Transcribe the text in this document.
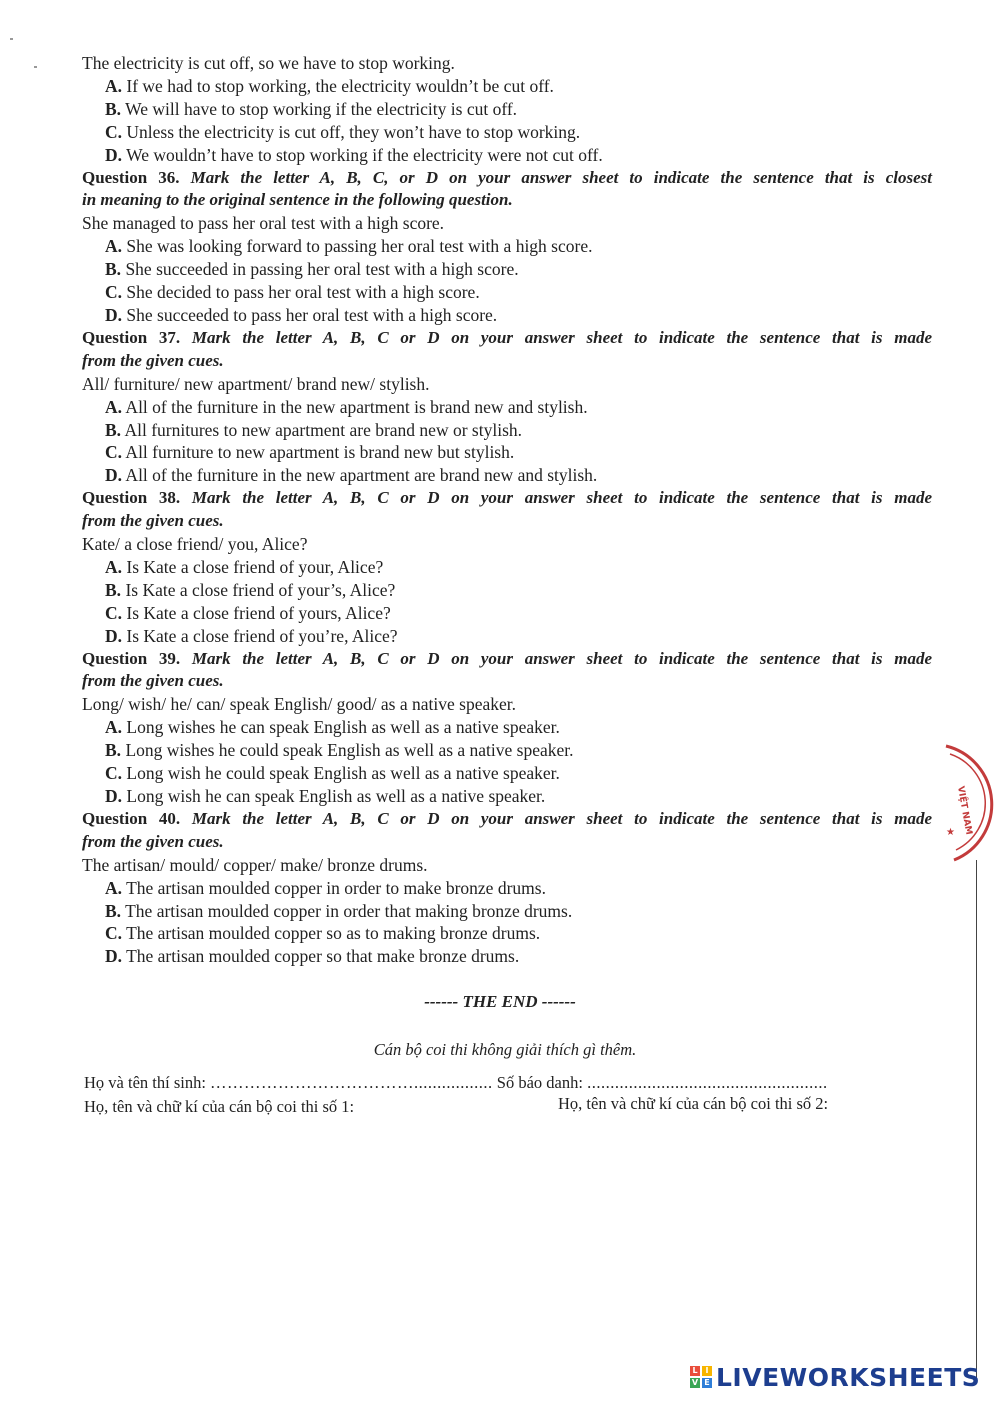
The electricity is cut off, so we have to stop working.
A. If we had to stop working, the electricity wouldn’t be cut off.
B. We will have to stop working if the electricity is cut off.
C. Unless the electricity is cut off, they won’t have to stop working.
D. We wouldn’t have to stop working if the electricity were not cut off.
Question 36. Mark the letter A, B, C, or D on your answer sheet to indicate the sentence that is closest
in meaning to the original sentence in the following question.
She managed to pass her oral test with a high score.
A. She was looking forward to passing her oral test with a high score.
B. She succeeded in passing her oral test with a high score.
C. She decided to pass her oral test with a high score.
D. She succeeded to pass her oral test with a high score.
Question 37. Mark the letter A, B, C or D on your answer sheet to indicate the sentence that is made
from the given cues.
All/ furniture/ new apartment/ brand new/ stylish.
A. All of the furniture in the new apartment is brand new and stylish.
B. All furnitures to new apartment are brand new or stylish.
C. All furniture to new apartment is brand new but stylish.
D. All of the furniture in the new apartment are brand new and stylish.
Question 38. Mark the letter A, B, C or D on your answer sheet to indicate the sentence that is made
from the given cues.
Kate/ a close friend/ you, Alice?
A. Is Kate a close friend of your, Alice?
B. Is Kate a close friend of your’s, Alice?
C. Is Kate a close friend of yours, Alice?
D. Is Kate a close friend of you’re, Alice?
Question 39. Mark the letter A, B, C or D on your answer sheet to indicate the sentence that is made
from the given cues.
Long/ wish/ he/ can/ speak English/ good/ as a native speaker.
A. Long wishes he can speak English as well as a native speaker.
B. Long wishes he could speak English as well as a native speaker.
C. Long wish he could speak English as well as a native speaker.
D. Long wish he can speak English as well as a native speaker.
Question 40. Mark the letter A, B, C or D on your answer sheet to indicate the sentence that is made
from the given cues.
The artisan/ mould/ copper/ make/ bronze drums.
A. The artisan moulded copper in order to make bronze drums.
B. The artisan moulded copper in order that making bronze drums.
C. The artisan moulded copper so as to making bronze drums.
D. The artisan moulded copper so that make bronze drums.
------ THE END ------
Cán bộ coi thi không giải thích gì thêm.
Họ và tên thí sinh: ………………………………................. Số báo danh: ....................................................
Họ, tên và chữ kí của cán bộ coi thi số 1:	Họ, tên và chữ kí của cán bộ coi thi số 2:
VIỆT NAM
★
L I
V E LIVEWORKSHEETS
